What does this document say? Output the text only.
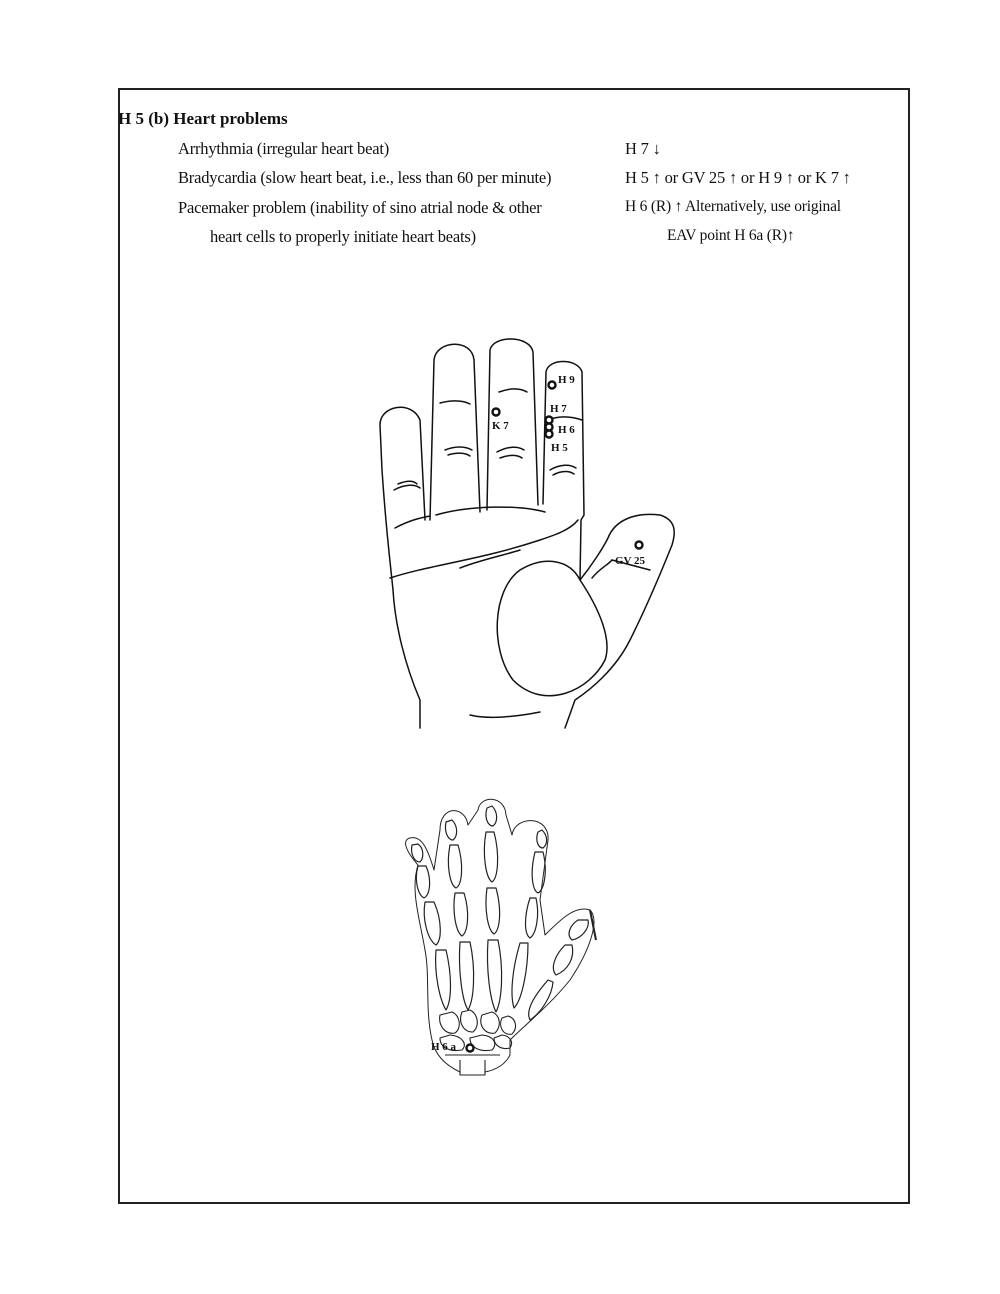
H 5 (b) Heart problems
Arrhythmia (irregular heart beat)	H 7 ↓
Bradycardia (slow heart beat, i.e., less than 60 per minute)	H 5 ↑ or GV 25 ↑ or H 9 ↑ or K 7 ↑
Pacemaker problem (inability of sino atrial node & other
heart cells to properly initiate heart beats)
H 6 (R) ↑ Alternatively, use original
EAV point H 6a (R)↑
H 9
H 7
H 6
H 5
K 7
GV 25
H 6 a
